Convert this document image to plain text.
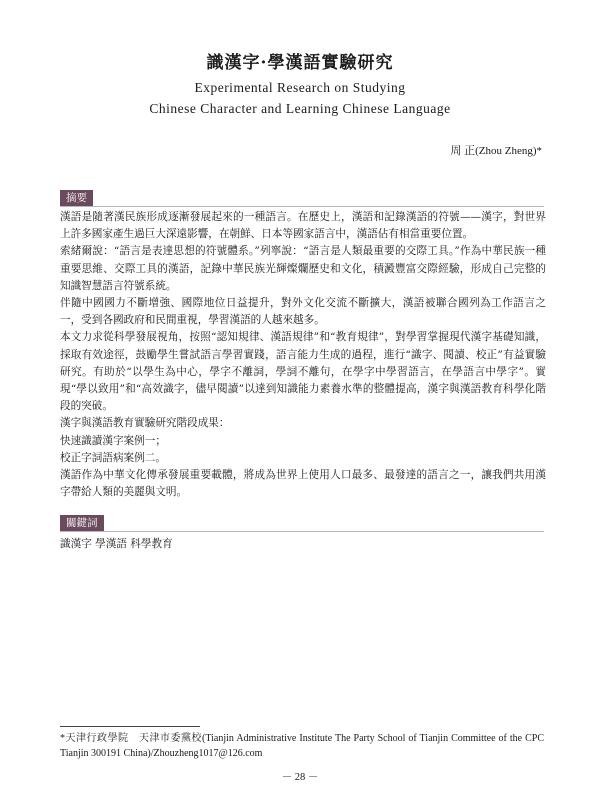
識漢字·學漢語實驗研究
Experimental Research on Studying
Chinese Character and Learning Chinese Language
周 正(Zhou Zheng)*
摘要

漢語是隨著漢民族形成逐漸發展起來的一種語言。在歷史上，漢語和記錄漢語的符號——漢字，對世界上許多國家產生過巨大深遠影響，在朝鮮、日本等國家語言中，漢語佔有相當重要位置。

索緒爾說：“語言是表達思想的符號體系。”列寧說：“語言是人類最重要的交際工具。”作為中華民族一種重要思維、交際工具的漢語，記錄中華民族光輝燦爛歷史和文化，積澱豐富交際經驗，形成自己完整的知識智慧語言符號系統。

伴隨中國國力不斷增強、國際地位日益提升，對外文化交流不斷擴大，漢語被聯合國列為工作語言之一，受到各國政府和民間重視，學習漢語的人越來越多。

本文力求從科學發展視角，按照“認知規律、漢語規律”和“教育規律”，對學習掌握現代漢字基礎知識，採取有效途徑，鼓勵學生嘗試語言學習實踐，語言能力生成的過程，進行“識字、閱讀、校正”有益實驗研究。有助於“以學生為中心，學字不離詞，學詞不離句，在學字中學習語言，在學語言中學字”。實現“學以致用”和“高效識字，儘早閱讀”以達到知識能力素養水準的整體提高，漢字與漢語教育科學化階段的突破。

漢字與漢語教育實驗研究階段成果：

快速識讀漢字案例一；

校正字詞語病案例二。

漢語作為中華文化傳承發展重要載體，將成為世界上使用人口最多、最發達的語言之一，讓我們共用漢字帶給人類的美麗與文明。

關鍵詞
識漢字 學漢語 科學教育
*天津行政學院　天津市委黨校(Tianjin Administrative Institute The Party School of Tianjin Committee of the CPC Tianjin 300191 China)/Zhouzheng1017@126.com
－ 28 －
